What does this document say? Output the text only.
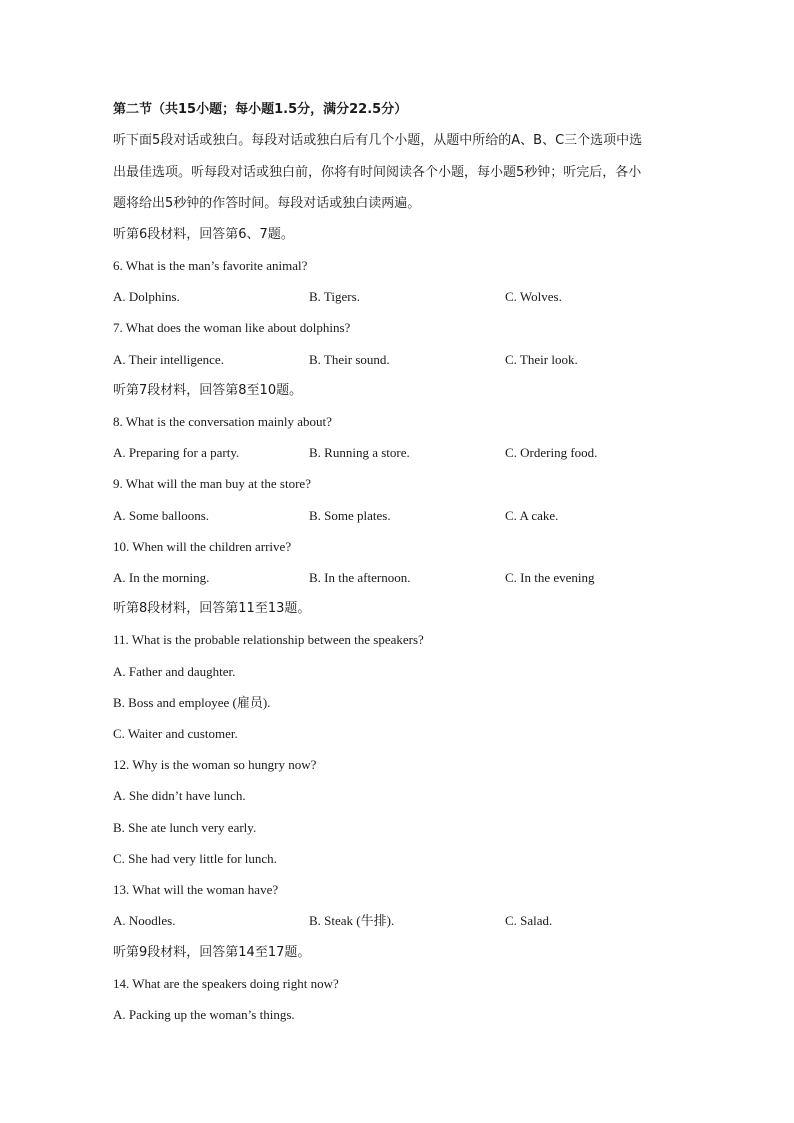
第二节（共15小题；每小题1.5分，满分22.5分）
听下面5段对话或独白。每段对话或独白后有几个小题，从题中所给的A、B、C三个选项中选
出最佳选项。听每段对话或独白前，你将有时间阅读各个小题，每小题5秒钟；听完后，各小
题将给出5秒钟的作答时间。每段对话或独白读两遍。
听第6段材料，回答第6、7题。
6. What is the man’s favorite animal?
A. Dolphins.	B. Tigers.	C. Wolves.
7. What does the woman like about dolphins?
A. Their intelligence.	B. Their sound.	C. Their look.
听第7段材料，回答第8至10题。
8. What is the conversation mainly about?
A. Preparing for a party.	B. Running a store.	C. Ordering food.
9. What will the man buy at the store?
A. Some balloons.	B. Some plates.	C. A cake.
10. When will the children arrive?
A. In the morning.	B. In the afternoon.	C. In the evening
听第8段材料，回答第11至13题。
11. What is the probable relationship between the speakers?
A. Father and daughter.
B. Boss and employee (雇员).
C. Waiter and customer.
12. Why is the woman so hungry now?
A. She didn’t have lunch.
B. She ate lunch very early.
C. She had very little for lunch.
13. What will the woman have?
A. Noodles.	B. Steak (牛排).	C. Salad.
听第9段材料，回答第14至17题。
14. What are the speakers doing right now?
A. Packing up the woman’s things.
